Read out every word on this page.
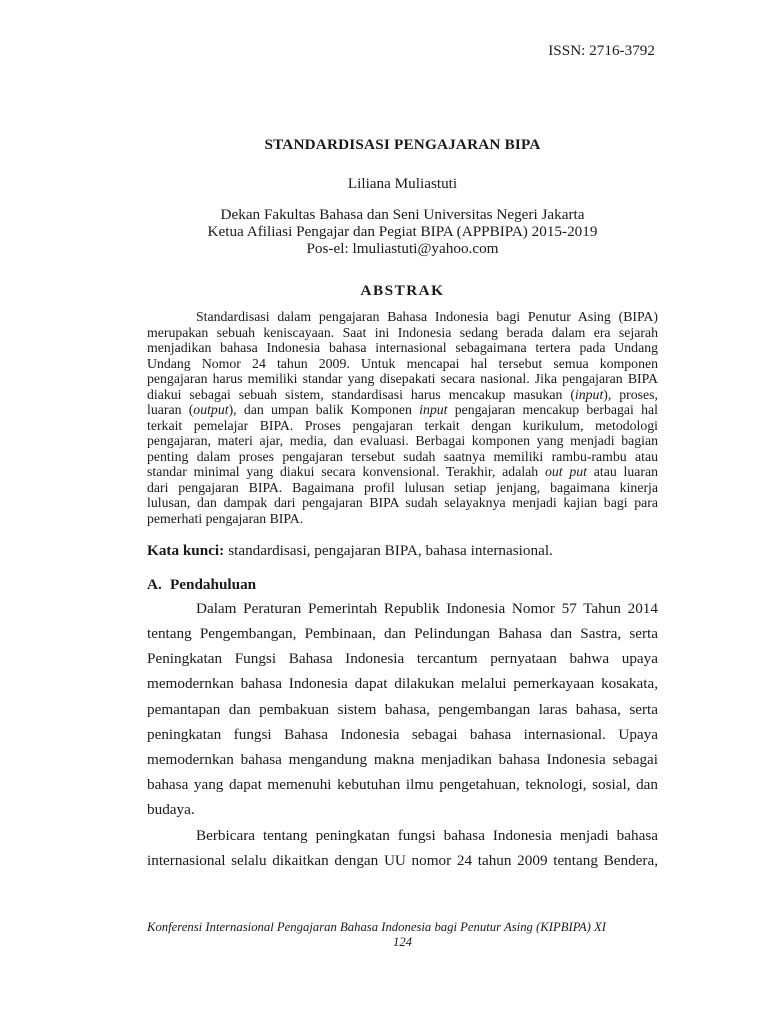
ISSN: 2716-3792
STANDARDISASI PENGAJARAN BIPA
Liliana Muliastuti
Dekan Fakultas Bahasa dan Seni Universitas Negeri Jakarta
Ketua Afiliasi Pengajar dan Pegiat BIPA (APPBIPA) 2015-2019
Pos-el: lmuliastuti@yahoo.com
ABSTRAK
Standardisasi dalam pengajaran Bahasa Indonesia bagi Penutur Asing (BIPA)
merupakan sebuah keniscayaan. Saat ini Indonesia sedang berada dalam era sejarah
menjadikan bahasa Indonesia bahasa internasional sebagaimana tertera pada Undang
Undang Nomor 24 tahun 2009. Untuk mencapai hal tersebut semua komponen
pengajaran harus memiliki standar yang disepakati secara nasional. Jika pengajaran BIPA
diakui sebagai sebuah sistem, standardisasi harus mencakup masukan (input), proses,
luaran (output), dan umpan balik Komponen input pengajaran mencakup berbagai hal
terkait pemelajar BIPA. Proses pengajaran terkait dengan kurikulum, metodologi
pengajaran, materi ajar, media, dan evaluasi. Berbagai komponen yang menjadi bagian
penting dalam proses pengajaran tersebut sudah saatnya memiliki rambu-rambu atau
standar minimal yang diakui secara konvensional. Terakhir, adalah out put atau luaran
dari pengajaran BIPA. Bagaimana profil lulusan setiap jenjang, bagaimana kinerja
lulusan, dan dampak dari pengajaran BIPA sudah selayaknya menjadi kajian bagi para
pemerhati pengajaran BIPA.
Kata kunci: standardisasi, pengajaran BIPA, bahasa internasional.
A. Pendahuluan
Dalam Peraturan Pemerintah Republik Indonesia Nomor 57 Tahun 2014
tentang Pengembangan, Pembinaan, dan Pelindungan Bahasa dan Sastra, serta
Peningkatan Fungsi Bahasa Indonesia tercantum pernyataan bahwa upaya
memodernkan bahasa Indonesia dapat dilakukan melalui pemerkayaan kosakata,
pemantapan dan pembakuan sistem bahasa, pengembangan laras bahasa, serta
peningkatan fungsi Bahasa Indonesia sebagai bahasa internasional. Upaya
memodernkan bahasa mengandung makna menjadikan bahasa Indonesia sebagai
bahasa yang dapat memenuhi kebutuhan ilmu pengetahuan, teknologi, sosial, dan
budaya.
Berbicara tentang peningkatan fungsi bahasa Indonesia menjadi bahasa
internasional selalu dikaitkan dengan UU nomor 24 tahun 2009 tentang Bendera,
Konferensi Internasional Pengajaran Bahasa Indonesia bagi Penutur Asing (KIPBIPA) XI
124
